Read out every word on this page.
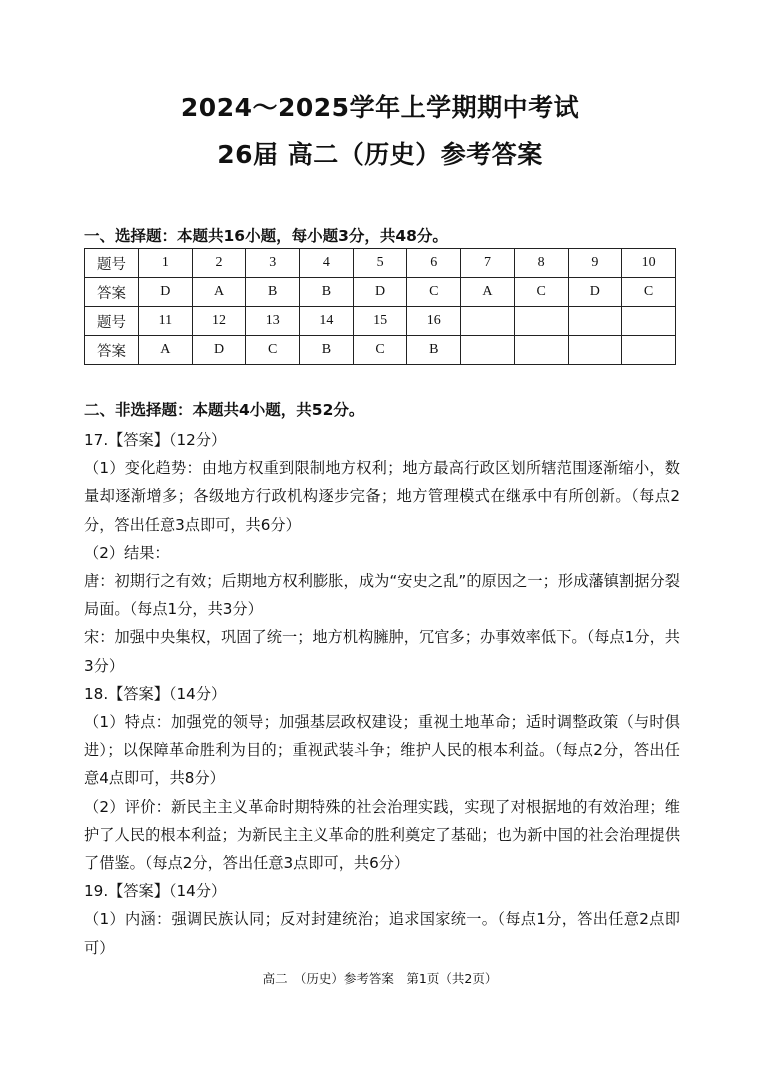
2024～2025学年上学期期中考试
26届 高二（历史）参考答案
一、选择题：本题共16小题，每小题3分，共48分。
题号	1	2	3	4	5	6	7	8	9	10
答案	D	A	B	B	D	C	A	C	D	C
题号	11	12	13	14	15	16				
答案	A	D	C	B	C	B				
二、非选择题：本题共4小题，共52分。

17.【答案】（12分）

（1）变化趋势：由地方权重到限制地方权利；地方最高行政区划所辖范围逐渐缩小，数量却逐渐增多；各级地方行政机构逐步完备；地方管理模式在继承中有所创新。（每点2分，答出任意3点即可，共6分）

（2）结果：

唐：初期行之有效；后期地方权利膨胀，成为“安史之乱”的原因之一；形成藩镇割据分裂局面。（每点1分，共3分）

宋：加强中央集权，巩固了统一；地方机构臃肿，冗官多；办事效率低下。（每点1分，共3分）

18.【答案】（14分）

（1）特点：加强党的领导；加强基层政权建设；重视土地革命；适时调整政策（与时俱进）；以保障革命胜利为目的；重视武装斗争；维护人民的根本利益。（每点2分，答出任意4点即可，共8分）

（2）评价：新民主主义革命时期特殊的社会治理实践，实现了对根据地的有效治理；维护了人民的根本利益；为新民主主义革命的胜利奠定了基础；也为新中国的社会治理提供了借鉴。（每点2分，答出任意3点即可，共6分）

19.【答案】（14分）

（1）内涵：强调民族认同；反对封建统治；追求国家统一。（每点1分，答出任意2点即可）

高二　（历史）参考答案　第1页（共2页）
